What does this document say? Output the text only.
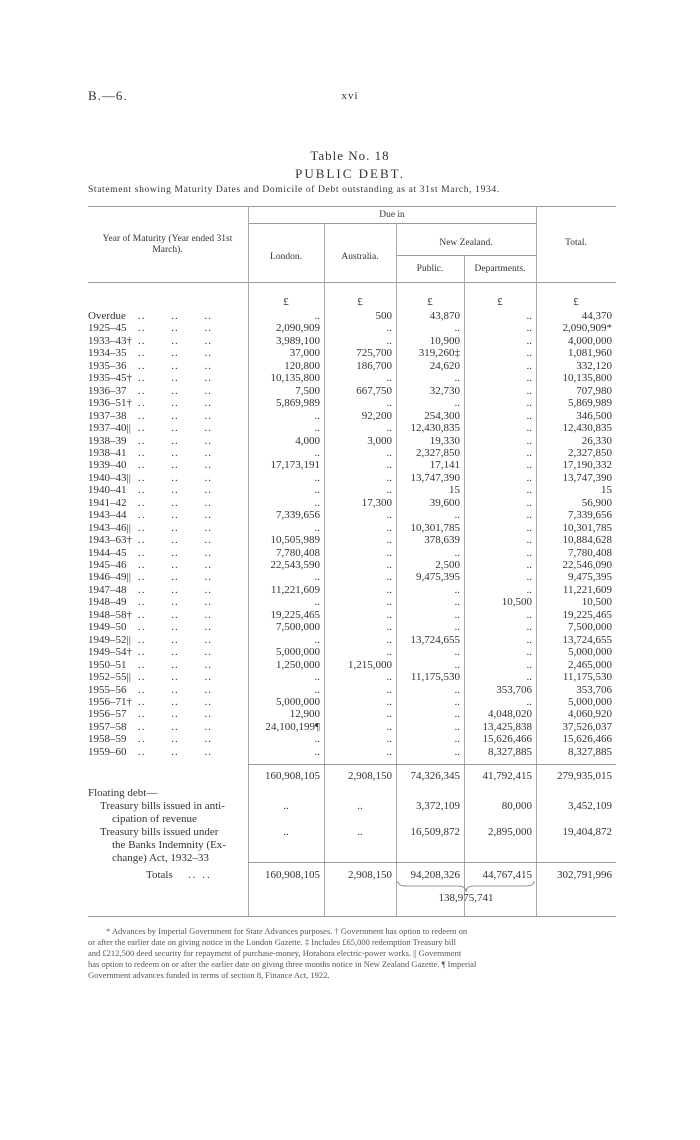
B.—6.	xvi
Table No. 18
PUBLIC DEBT.
Statement showing Maturity Dates and Domicile of Debt outstanding as at 31st March, 1934.
Year of Maturity (Year ended 31st March).
Due in
London.	Australia.
New Zealand.
Public.	Departments.
Total.
£	£	£	£	£
Overdue .. .. ..	..	500	43,870	..	44,370
1925–45 .. .. ..	2,090,909	..	..	..	2,090,909*
1933–43† .. .. ..	3,989,100	..	10,900	..	4,000,000
1934–35 .. .. ..	37,000	725,700	319,260‡	..	1,081,960
1935–36 .. .. ..	120,800	186,700	24,620	..	332,120
1935–45† .. .. ..	10,135,800	..	..	..	10,135,800
1936–37 .. .. ..	7,500	667,750	32,730	..	707,980
1936–51† .. .. ..	5,869,989	..	..	..	5,869,989
1937–38 .. .. ..	..	92,200	254,300	..	346,500
1937–40|| .. .. ..	..	..	12,430,835	..	12,430,835
1938–39 .. .. ..	4,000	3,000	19,330	..	26,330
1938–41 .. .. ..	..	..	2,327,850	..	2,327,850
1939–40 .. .. ..	17,173,191	..	17,141	..	17,190,332
1940–43|| .. .. ..	..	..	13,747,390	..	13,747,390
1940–41 .. .. ..	..	..	15	..	15
1941–42 .. .. ..	..	17,300	39,600	..	56,900
1943–44 .. .. ..	7,339,656	..	..	..	7,339,656
1943–46|| .. .. ..	..	..	10,301,785	..	10,301,785
1943–63† .. .. ..	10,505,989	..	378,639	..	10,884,628
1944–45 .. .. ..	7,780,408	..	..	..	7,780,408
1945–46 .. .. ..	22,543,590	..	2,500	..	22,546,090
1946–49|| .. .. ..	..	..	9,475,395	..	9,475,395
1947–48 .. .. ..	11,221,609	..	..	..	11,221,609
1948–49 .. .. ..	..	..	..	10,500	10,500
1948–58† .. .. ..	19,225,465	..	..	..	19,225,465
1949–50 .. .. ..	7,500,000	..	..	..	7,500,000
1949–52|| .. .. ..	..	..	13,724,655	..	13,724,655
1949–54† .. .. ..	5,000,000	..	..	..	5,000,000
1950–51 .. .. ..	1,250,000	1,215,000	..	..	2,465,000
1952–55|| .. .. ..	..	..	11,175,530	..	11,175,530
1955–56 .. .. ..	..	..	..	353,706	353,706
1956–71† .. .. ..	5,000,000	..	..	..	5,000,000
1956–57 .. .. ..	12,900	..	..	4,048,020	4,060,920
1957–58 .. .. ..	24,100,199¶	..	..	13,425,838	37,526,037
1958–59 .. .. ..	..	..	..	15,626,466	15,626,466
1959–60 .. .. ..	..	..	..	8,327,885	8,327,885
160,908,105	2,908,150	74,326,345	41,792,415	279,935,015
Floating debt—
Treasury bills issued in anti-
cipation of revenue
..	..	3,372,109	80,000	3,452,109
Treasury bills issued under
the Banks Indemnity (Ex-
change) Act, 1932–33
..	..	16,509,872	2,895,000	19,404,872
Totals .. ..	160,908,105	2,908,150	94,208,326	44,767,415	302,791,996
138,975,741
* Advances by Imperial Government for State Advances purposes. † Government has option to redeem on
or after the earlier date on giving notice in the London Gazette. ‡ Includes £65,000 redemption Treasury bill
and £212,500 deed security for repayment of purchase-money, Horahora electric-power works. || Government
has option to redeem on or after the earlier date on giving three months notice in New Zealand Gazette. ¶ Imperial
Government advances funded in terms of section 8, Finance Act, 1922.
